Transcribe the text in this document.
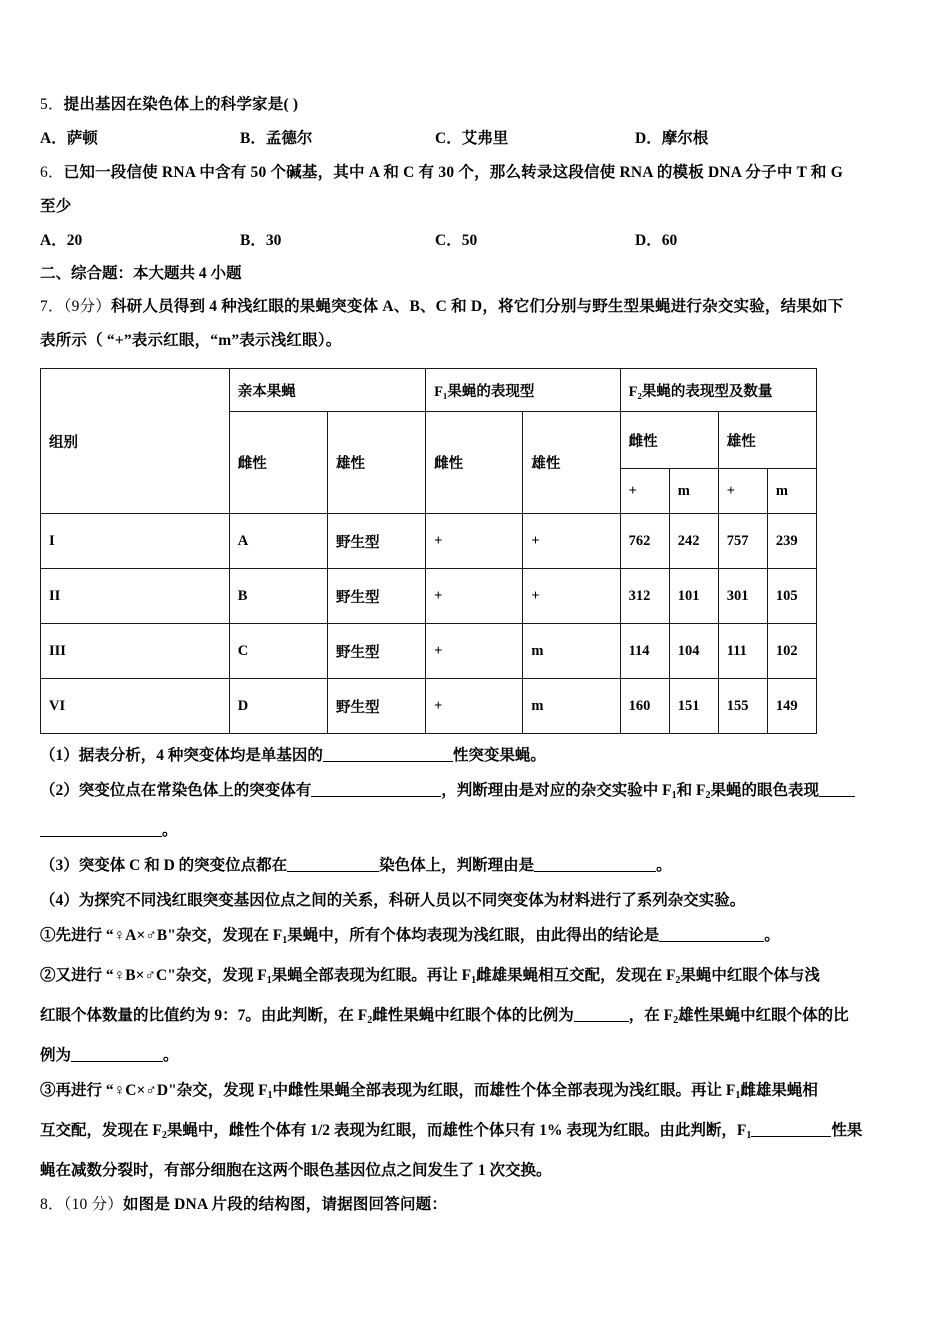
5．提出基因在染色体上的科学家是( )
A．萨顿	B．孟德尔	C．艾弗里	D．摩尔根
6．已知一段信使 RNA 中含有 50 个碱基，其中 A 和 C 有 30 个，那么转录这段信使 RNA 的模板 DNA 分子中 T 和 G
至少
A．20	B．30	C．50	D．60
二、综合题：本大题共 4 小题
7．（9分）科研人员得到 4 种浅红眼的果蝇突变体 A、B、C 和 D，将它们分别与野生型果蝇进行杂交实验，结果如下
表所示（ “+”表示红眼，“m”表示浅红眼）。
组别	亲本果蝇		F₁果蝇的表现型		F₂果蝇的表现型及数量			
	雌性	雄性	雌性	雄性	雌性		雄性	
					+	m	+	m
I	A	野生型	+	+	762	242	757	239
II	B	野生型	+	+	312	101	301	105
III	C	野生型	+	m	114	104	111	102
VI	D	野生型	+	m	160	151	155	149
（1）据表分析，4 种突变体均是单基因的	性突变果蝇。
（2）突变位点在常染色体上的突变体有	，判断理由是对应的杂交实验中 $F_1$和 $F_2$果蝇的眼色表现
。
（3）突变体 C 和 D 的突变位点都在	染色体上，判断理由是	。
（4）为探究不同浅红眼突变基因位点之间的关系，科研人员以不同突变体为材料进行了系列杂交实验。
①先进行 “♀A×♂B"杂交，发现在 $F_1$果蝇中，所有个体均表现为浅红眼，由此得出的结论是	。
②又进行 “♀B×♂C"杂交，发现 $F_1$果蝇全部表现为红眼。再让 $F_1$雌雄果蝇相互交配，发现在 $F_2$果蝇中红眼个体与浅
红眼个体数量的比值约为 9：7。由此判断，在 $F_2$雌性果蝇中红眼个体的比例为	，在 $F_2$雄性果蝇中红眼个体的比
例为	。
③再进行 “♀C×♂D"杂交，发现 $F_1$中雌性果蝇全部表现为红眼，而雄性个体全部表现为浅红眼。再让 $F_1$雌雄果蝇相
互交配，发现在 $F_2$果蝇中，雌性个体有 1/2 表现为红眼，而雄性个体只有 1% 表现为红眼。由此判断，$F_1$	性果
蝇在减数分裂时，有部分细胞在这两个眼色基因位点之间发生了 1 次交换。
8．（10 分）如图是 DNA 片段的结构图，请据图回答问题：
